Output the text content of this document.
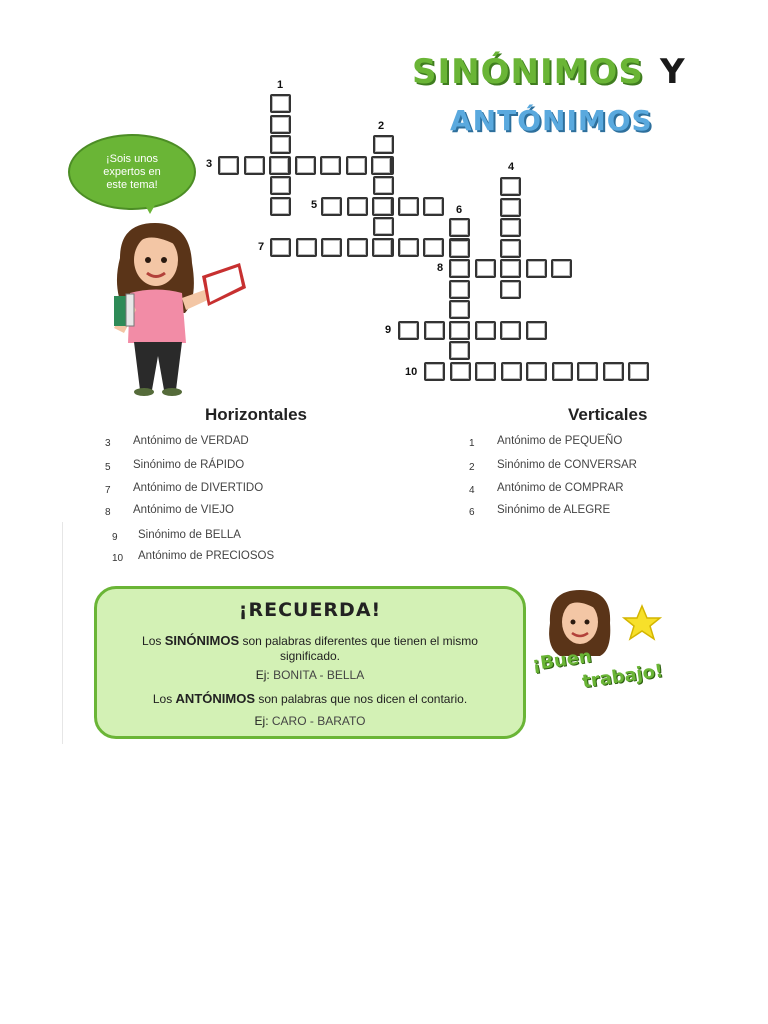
SINÓNIMOS Y
ANTÓNIMOS
¡Sois unos expertos en este tema!
1
2
3	4
5	6
7
8
9
10
Horizontales	Verticales
3 Antónimo de VERDAD
5 Sinónimo de RÁPIDO
7 Antónimo de DIVERTIDO
8 Antónimo de VIEJO
9 Sinónimo de BELLA
10 Antónimo de PRECIOSOS
1 Antónimo de PEQUEÑO
2 Sinónimo de CONVERSAR
4 Antónimo de COMPRAR
6 Sinónimo de ALEGRE
¡RECUERDA!
Los SINÓNIMOS son palabras diferentes que tienen el mismo
significado.
Ej: BONITA - BELLA
Los ANTÓNIMOS son palabras que nos dicen el contario.
Ej: CARO - BARATO
¡Buen
trabajo!
